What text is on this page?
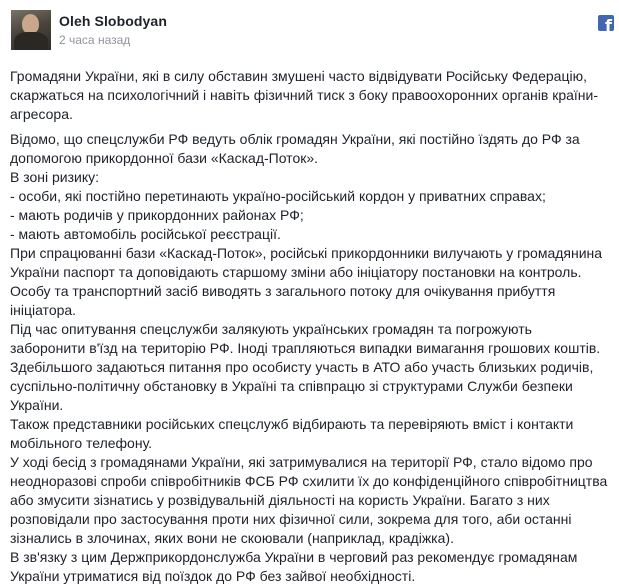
Oleh Slobodyan
2 часа назад
f

Громадяни України, які в силу обставин змушені часто відвідувати Російську Федерацію, скаржаться на психологічний і навіть фізичний тиск з боку правоохоронних органів країни-агресора.

Відомо, що спецслужби РФ ведуть облік громадян України, які постійно їздять до РФ за допомогою прикордонної бази «Каскад-Поток».

В зоні ризику:

- особи, які постійно перетинають україно-російський кордон у приватних справах;

- мають родичів у прикордонних районах РФ;

- мають автомобіль російської реєстрації.

При спрацюванні бази «Каскад-Поток», російські прикордонники вилучають у громадянина України паспорт та доповідають старшому зміни або ініціатору постановки на контроль.

Особу та транспортний засіб виводять з загального потоку для очікування прибуття ініціатора.

Під час опитування спецслужби залякують українських громадян та погрожують заборонити в'їзд на територію РФ. Іноді трапляються випадки вимагання грошових коштів. Здебільшого задаються питання про особисту участь в АТО або участь близьких родичів, суспільно-політичну обстановку в Україні та співпрацю зі структурами Служби безпеки України.

Також представники російських спецслужб відбирають та перевіряють вміст і контакти мобільного телефону.

У ході бесід з громадянами України, які затримувалися на території РФ, стало відомо про неодноразові спроби співробітників ФСБ РФ схилити їх до конфіденційного співробітництва або змусити зізнатись у розвідувальній діяльності на користь України. Багато з них розповідали про застосування проти них фізичної сили, зокрема для того, аби останні зізнались в злочинах, яких вони не скоювали (наприклад, крадіжка).

В зв'язку з цим Держприкордонслужба України в черговий раз рекомендує громадянам України утриматися від поїздок до РФ без зайвої необхідності.
